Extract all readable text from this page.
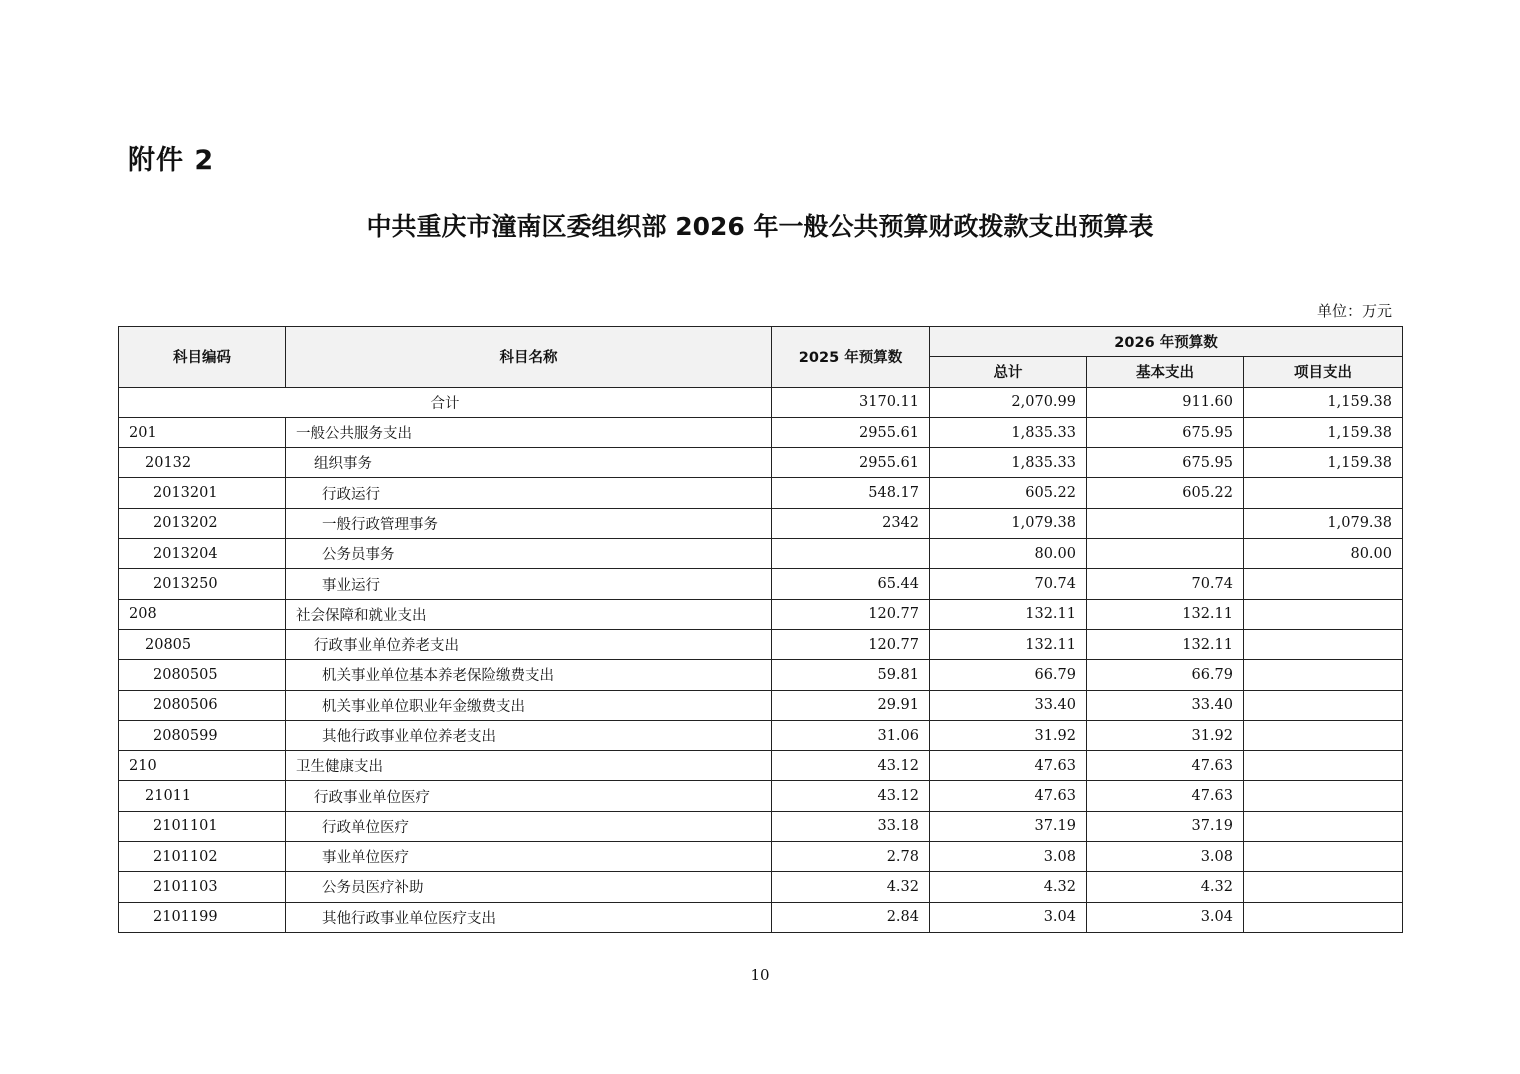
附件 2
中共重庆市潼南区委组织部 2026 年一般公共预算财政拨款支出预算表
单位：万元
科目编码	科目名称	2025 年预算数	2026 年预算数		
			总计	基本支出	项目支出
合计		3170.11	2,070.99	911.60	1,159.38
201	一般公共服务支出	2955.61	1,835.33	675.95	1,159.38
20132	组织事务	2955.61	1,835.33	675.95	1,159.38
2013201	行政运行	548.17	605.22	605.22	
2013202	一般行政管理事务	2342	1,079.38		1,079.38
2013204	公务员事务		80.00		80.00
2013250	事业运行	65.44	70.74	70.74	
208	社会保障和就业支出	120.77	132.11	132.11	
20805	行政事业单位养老支出	120.77	132.11	132.11	
2080505	机关事业单位基本养老保险缴费支出	59.81	66.79	66.79	
2080506	机关事业单位职业年金缴费支出	29.91	33.40	33.40	
2080599	其他行政事业单位养老支出	31.06	31.92	31.92	
210	卫生健康支出	43.12	47.63	47.63	
21011	行政事业单位医疗	43.12	47.63	47.63	
2101101	行政单位医疗	33.18	37.19	37.19	
2101102	事业单位医疗	2.78	3.08	3.08	
2101103	公务员医疗补助	4.32	4.32	4.32	
2101199	其他行政事业单位医疗支出	2.84	3.04	3.04	
10
